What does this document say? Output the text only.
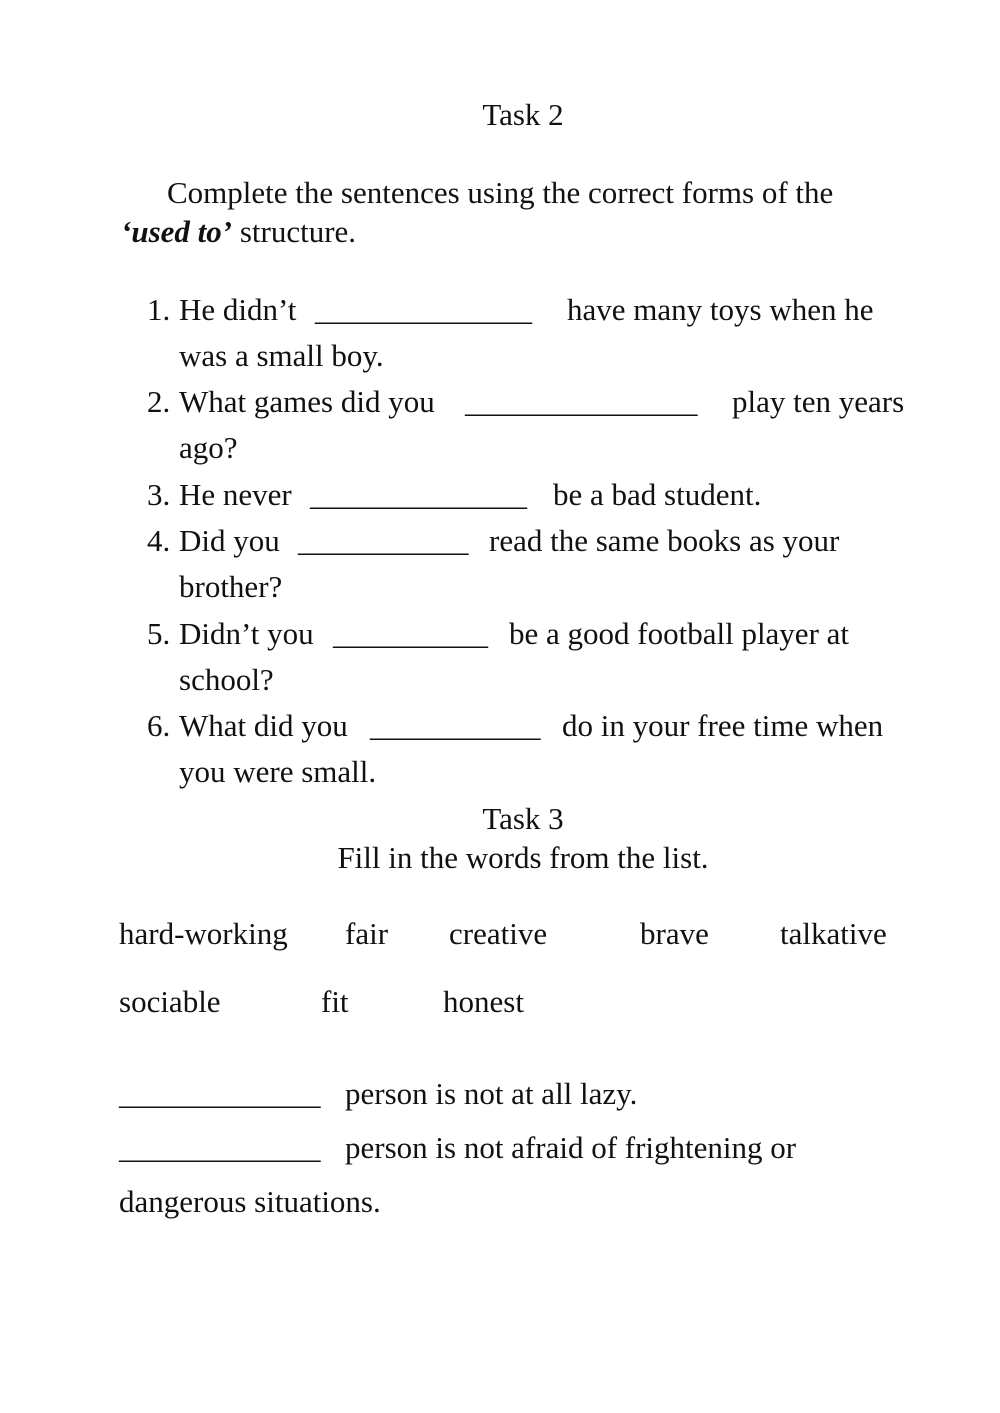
Task 2
Complete the sentences using the correct forms of the
‘used to’ structure.
1. He didn’t ______________ have many toys when he
was a small boy.
2. What games did you _______________ play ten years
ago?
3. He never ______________ be a bad student.
4. Did you ___________ read the same books as your
brother?
5. Didn’t you __________ be a good football player at
school?
6. What did you ___________ do in your free time when
you were small.
Task 3
Fill in the words from the list.
hard-working fair creative	brave talkative
sociable	fit	honest
_____________ person is not at all lazy.
_____________ person is not afraid of frightening or
dangerous situations.
